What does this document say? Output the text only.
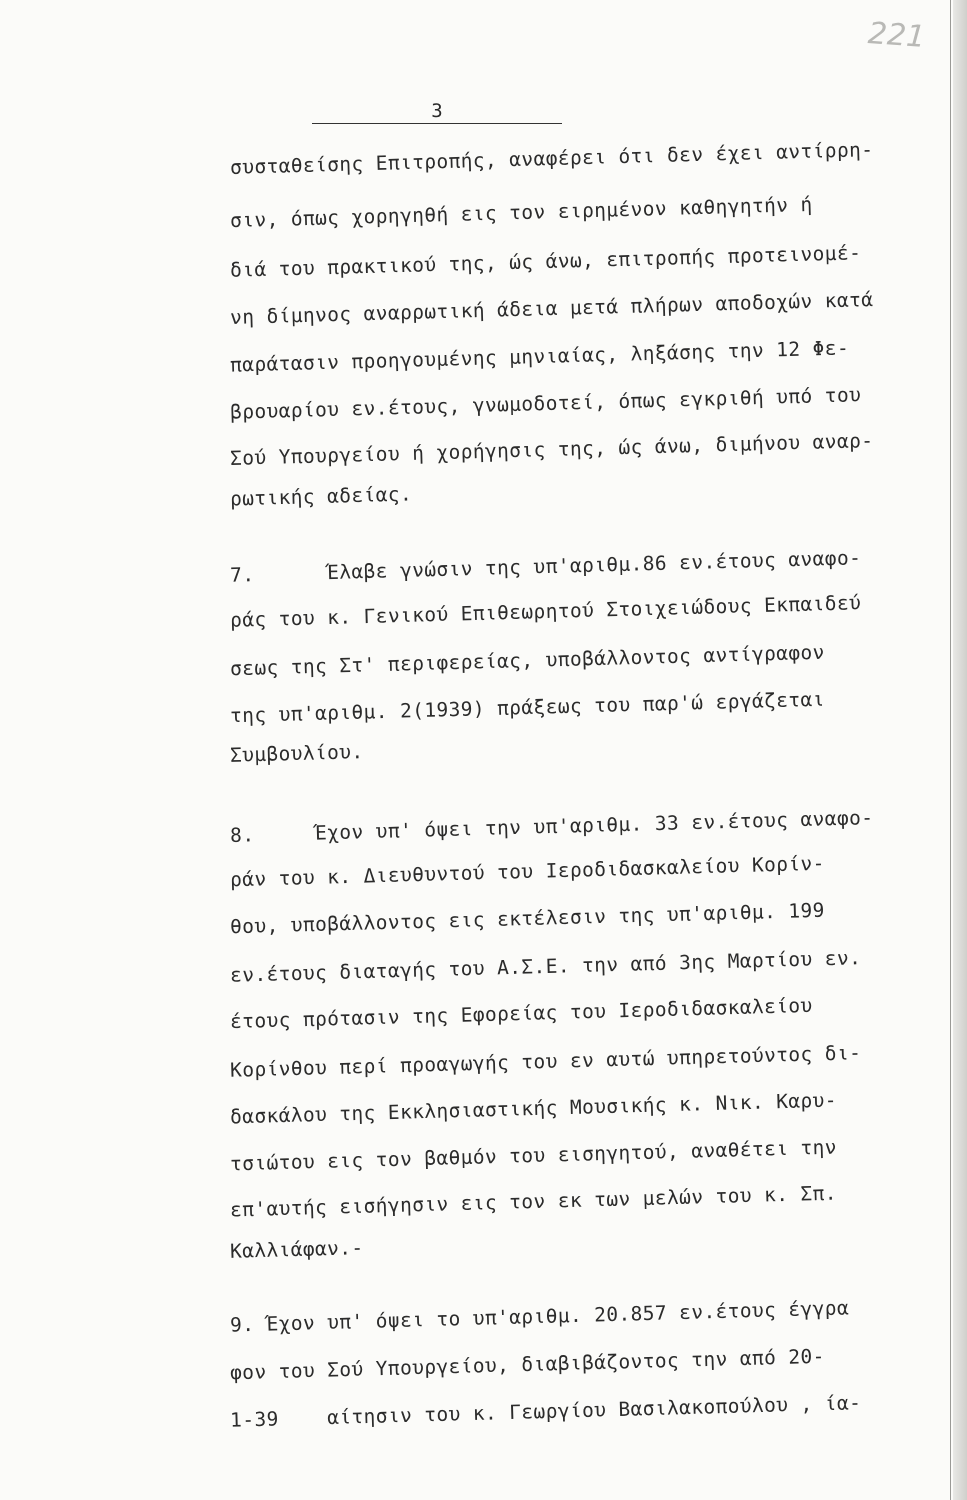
221
3
συσταθείσης Επιτροπής, αναφέρει ότι δεν έχει αντίρρη-
σιν, όπως χορηγηθή εις τον ειρημένον καθηγητήν ή
διά του πρακτικού της, ώς άνω, επιτροπής προτεινομέ-
νη δίμηνος αναρρωτική άδεια μετά πλήρων αποδοχών κατά
παράτασιν προηγουμένης μηνιαίας, ληξάσης την 12 Φε-
βρουαρίου εν.έτους, γνωμοδοτεί, όπως εγκριθή υπό του
Σού Υπουργείου ή χορήγησις της, ώς άνω, διμήνου αναρ-
ρωτικής αδείας.
7.      Έλαβε γνώσιν της υπ'αριθμ.86 εν.έτους αναφο-
ράς του κ. Γενικού Επιθεωρητού Στοιχειώδους Εκπαιδεύ
σεως της Στ' περιφερείας, υποβάλλοντος αντίγραφον
της υπ'αριθμ. 2(1939) πράξεως του παρ'ώ εργάζεται
Συμβουλίου.
8.     Έχον υπ' όψει την υπ'αριθμ. 33 εν.έτους αναφο-
ράν του κ. Διευθυντού του Ιεροδιδασκαλείου Κορίν-
θου, υποβάλλοντος εις εκτέλεσιν της υπ'αριθμ. 199
εν.έτους διαταγής του Α.Σ.Ε. την από 3ης Μαρτίου εν.
έτους πρότασιν της Εφορείας του Ιεροδιδασκαλείου
Κορίνθου περί προαγωγής του εν αυτώ υπηρετούντος δι-
δασκάλου της Εκκλησιαστικής Μουσικής κ. Νικ. Καρυ-
τσιώτου εις τον βαθμόν του εισηγητού, αναθέτει την
επ'αυτής εισήγησιν εις τον εκ των μελών του κ. Σπ.
Καλλιάφαν.-
9. Έχον υπ' όψει το υπ'αριθμ. 20.857 εν.έτους έγγρα
φον του Σού Υπουργείου, διαβιβάζοντος την από 20-
1-39    αίτησιν του κ. Γεωργίου Βασιλακοπούλου , ία-
